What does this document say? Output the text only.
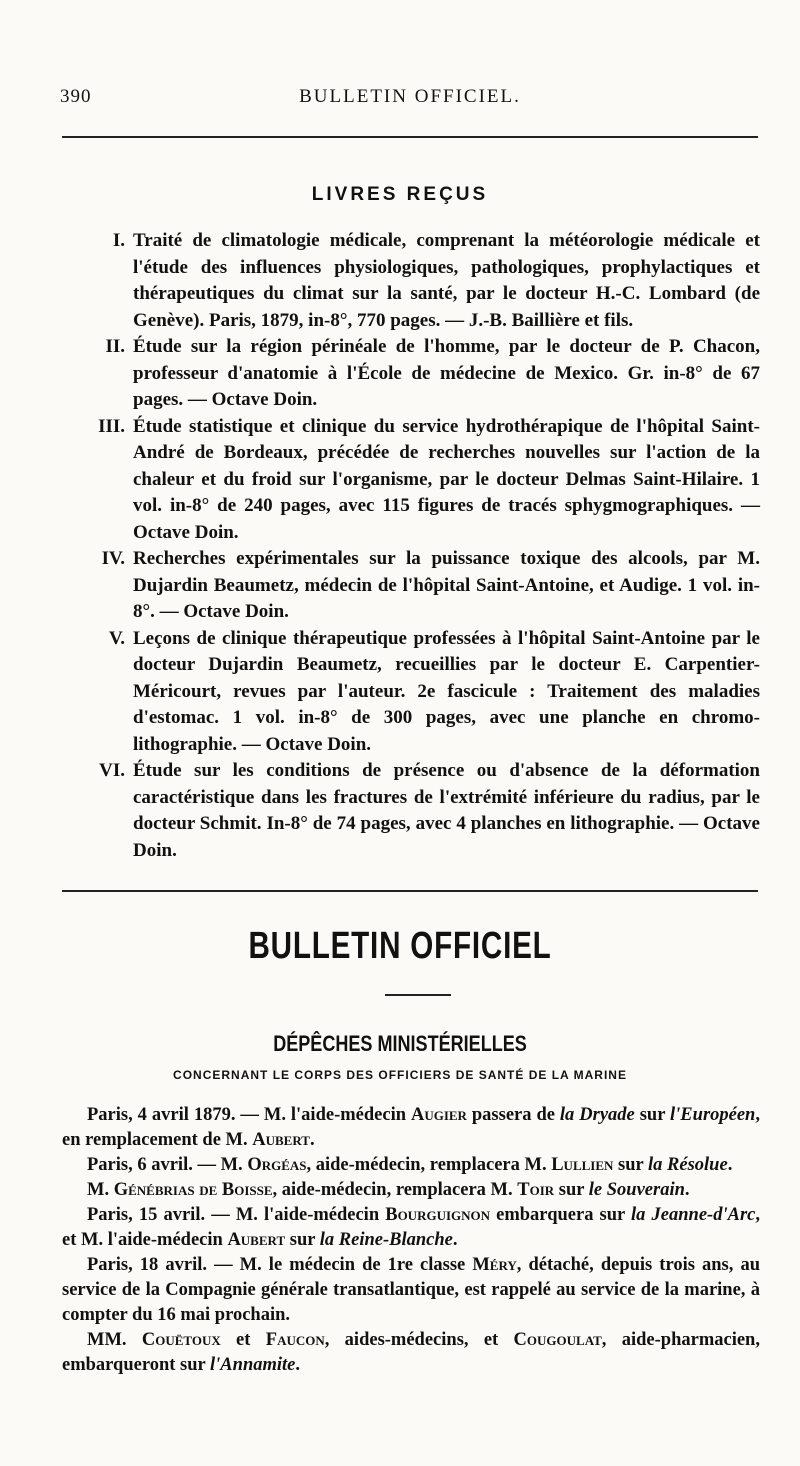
390	BULLETIN OFFICIEL.
LIVRES REÇUS
I. Traité de climatologie médicale, comprenant la météorologie médicale et l'étude des influences physiologiques, pathologiques, prophylactiques et thérapeutiques du climat sur la santé, par le docteur H.-C. Lombard (de Genève). Paris, 1879, in-8°, 770 pages. — J.-B. Baillière et fils.
II. Étude sur la région périnéale de l'homme, par le docteur de P. Chacon, professeur d'anatomie à l'École de médecine de Mexico. Gr. in-8° de 67 pages. — Octave Doin.
III. Étude statistique et clinique du service hydrothérapique de l'hôpital Saint-André de Bordeaux, précédée de recherches nouvelles sur l'action de la chaleur et du froid sur l'organisme, par le docteur Delmas Saint-Hilaire. 1 vol. in-8° de 240 pages, avec 115 figures de tracés sphygmographiques. — Octave Doin.
IV. Recherches expérimentales sur la puissance toxique des alcools, par M. Dujardin Beaumetz, médecin de l'hôpital Saint-Antoine, et Audige. 1 vol. in-8°. — Octave Doin.
V. Leçons de clinique thérapeutique professées à l'hôpital Saint-Antoine par le docteur Dujardin Beaumetz, recueillies par le docteur E. Carpentier-Méricourt, revues par l'auteur. 2e fascicule : Traitement des maladies d'estomac. 1 vol. in-8° de 300 pages, avec une planche en chromo-lithographie. — Octave Doin.
VI. Étude sur les conditions de présence ou d'absence de la déformation caractéristique dans les fractures de l'extrémité inférieure du radius, par le docteur Schmit. In-8° de 74 pages, avec 4 planches en lithographie. — Octave Doin.
BULLETIN OFFICIEL
DÉPÊCHES MINISTÉRIELLES
CONCERNANT LE CORPS DES OFFICIERS DE SANTÉ DE LA MARINE

Paris, 4 avril 1879. — M. l'aide-médecin Augier passera de la Dryade sur l'Européen, en remplacement de M. Aubert.

Paris, 6 avril. — M. Orgéas, aide-médecin, remplacera M. Lullien sur la Résolue.

M. Génébrias de Boisse, aide-médecin, remplacera M. Toir sur le Souverain.

Paris, 15 avril. — M. l'aide-médecin Bourguignon embarquera sur la Jeanne-d'Arc, et M. l'aide-médecin Aubert sur la Reine-Blanche.

Paris, 18 avril. — M. le médecin de 1re classe Méry, détaché, depuis trois ans, au service de la Compagnie générale transatlantique, est rappelé au service de la marine, à compter du 16 mai prochain.

MM. Couëtoux et Faucon, aides-médecins, et Cougoulat, aide-pharmacien, embarqueront sur l'Annamite.
